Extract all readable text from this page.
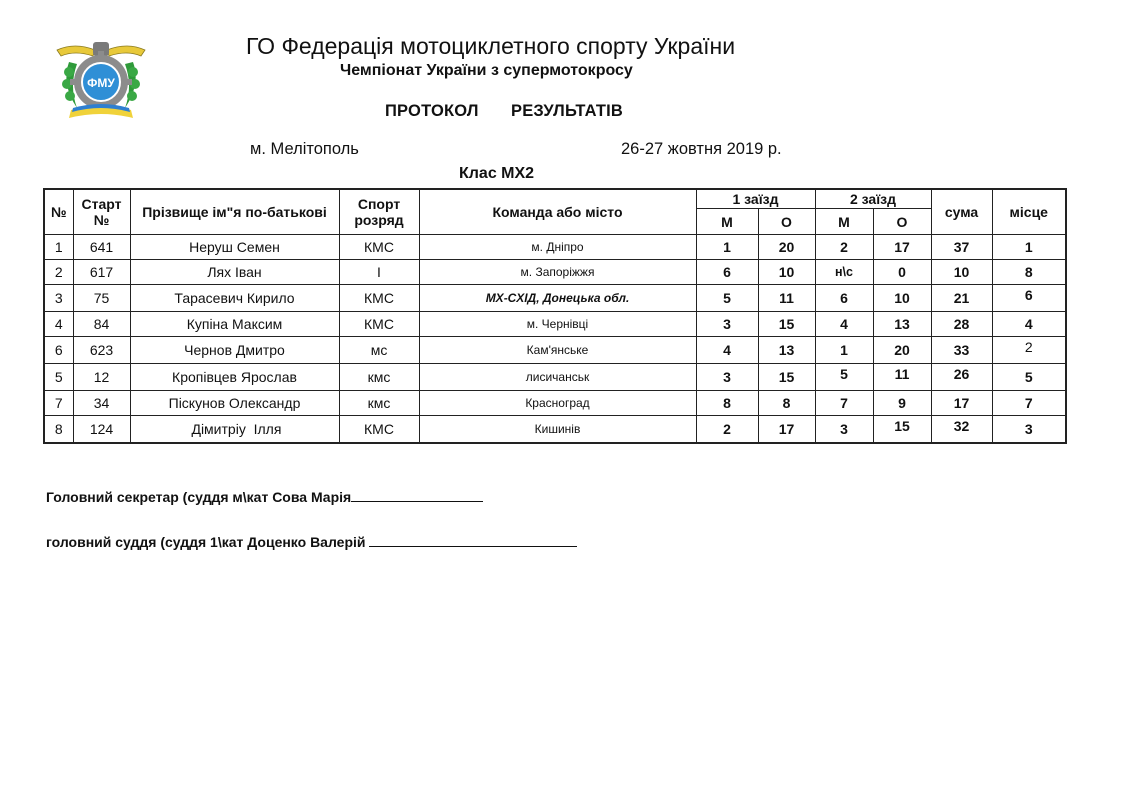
ФМУ
ГО Федерація мотоциклетного спорту України
Чемпіонат України з супермотокросу
ПРОТОКОЛ   РЕЗУЛЬТАТІВ
м. Мелітополь	26-27 жовтня 2019 р.
Клас МХ2
№	Старт
№	Прізвище ім"я по-батькові	Спорт
розряд	Команда або місто	1 заїзд	2 заїзд	сума	місце
					М	О	М	О		
1	641	Неруш Семен	КМС	м. Дніпро	1	20	2	17	37	1
2	617	Лях Іван	І	м. Запоріжжя	6	10	н\с	0	10	8
3	75	Тарасевич Кирило	КМС	МХ-СХІД, Донецька обл.	5	11	6	10	21	6
4	84	Купіна Максим	КМС	м. Чернівці	3	15	4	13	28	4
6	623	Чернов Дмитро	мс	Кам'янське	4	13	1	20	33	2
5	12	Кропівцев Ярослав	кмс	лисичанськ	3	15	5	11	26	5
7	34	Піскунов Олександр	кмс	Красноград	8	8	7	9	17	7
8	124	Дімитріу  Ілля	КМС	Кишинів	2	17	3	15	32	3
Головний секретар (суддя м\кат Сова Марія
головний суддя (суддя 1\кат Доценко Валерій
